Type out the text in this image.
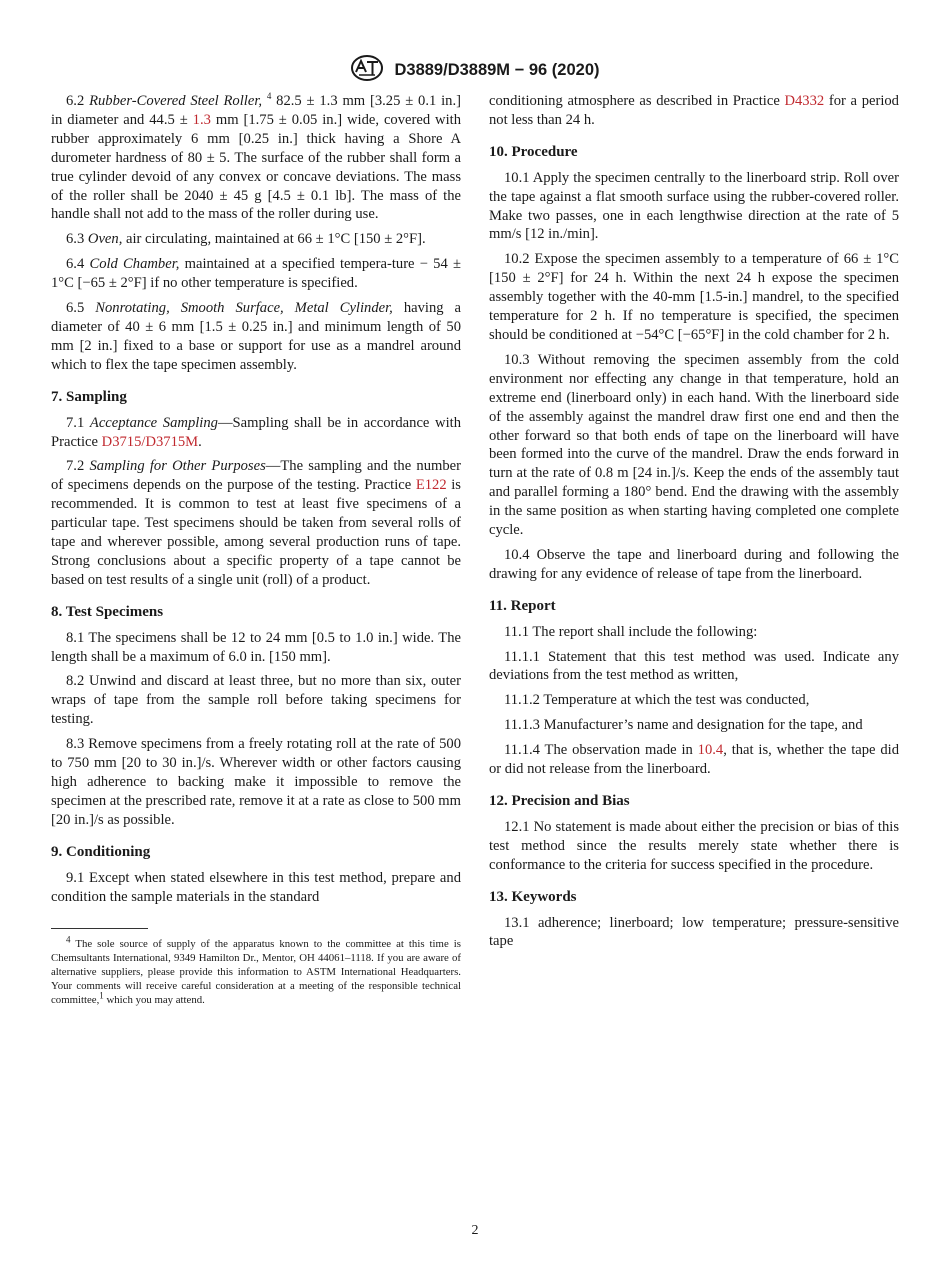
D3889/D3889M − 96 (2020)

6.2 Rubber-Covered Steel Roller, $^4$ 82.5 ± 1.3 mm [3.25 ± 0.1 in.] in diameter and 44.5 ± 1.3 mm [1.75 ± 0.05 in.] wide, covered with rubber approximately 6 mm [0.25 in.] thick having a Shore A durometer hardness of 80 ± 5. The surface of the rubber shall form a true cylinder devoid of any convex or concave deviations. The mass of the roller shall be 2040 ± 45 g [4.5 ± 0.1 lb]. The mass of the handle shall not add to the mass of the roller during use.

6.3 Oven, air circulating, maintained at 66 ± 1°C [150 ± 2°F].

6.4 Cold Chamber, maintained at a specified tempera-ture − 54 ± 1°C [−65 ± 2°F] if no other temperature is specified.

6.5 Nonrotating, Smooth Surface, Metal Cylinder, having a diameter of 40 ± 6 mm [1.5 ± 0.25 in.] and minimum length of 50 mm [2 in.] fixed to a base or support for use as a mandrel around which to flex the tape specimen assembly.

7. Sampling

7.1 Acceptance Sampling—Sampling shall be in accordance with Practice D3715/D3715M.

7.2 Sampling for Other Purposes—The sampling and the number of specimens depends on the purpose of the testing. Practice E122 is recommended. It is common to test at least five specimens of a particular tape. Test specimens should be taken from several rolls of tape and wherever possible, among several production runs of tape. Strong conclusions about a specific property of a tape cannot be based on test results of a single unit (roll) of a product.

8. Test Specimens

8.1 The specimens shall be 12 to 24 mm [0.5 to 1.0 in.] wide. The length shall be a maximum of 6.0 in. [150 mm].

8.2 Unwind and discard at least three, but no more than six, outer wraps of tape from the sample roll before taking specimens for testing.

8.3 Remove specimens from a freely rotating roll at the rate of 500 to 750 mm [20 to 30 in.]/s. Wherever width or other factors causing high adherence to backing make it impossible to remove the specimen at the prescribed rate, remove it at a rate as close to 500 mm [20 in.]/s as possible.

9. Conditioning

9.1 Except when stated elsewhere in this test method, prepare and condition the sample materials in the standard

$^4$ The sole source of supply of the apparatus known to the committee at this time is Chemsultants International, 9349 Hamilton Dr., Mentor, OH 44061–1118. If you are aware of alternative suppliers, please provide this information to ASTM International Headquarters. Your comments will receive careful consideration at a meeting of the responsible technical committee,$^1$ which you may attend.

conditioning atmosphere as described in Practice D4332 for a period not less than 24 h.

10. Procedure

10.1 Apply the specimen centrally to the linerboard strip. Roll over the tape against a flat smooth surface using the rubber-covered roller. Make two passes, one in each lengthwise direction at the rate of 5 mm/s [12 in./min].

10.2 Expose the specimen assembly to a temperature of 66 ± 1°C [150 ± 2°F] for 24 h. Within the next 24 h expose the specimen assembly together with the 40-mm [1.5-in.] mandrel, to the specified temperature for 2 h. If no temperature is specified, the specimen should be conditioned at −54°C [−65°F] in the cold chamber for 2 h.

10.3 Without removing the specimen assembly from the cold environment nor effecting any change in that temperature, hold an extreme end (linerboard only) in each hand. With the linerboard side of the assembly against the mandrel draw first one end and then the other forward so that both ends of tape on the linerboard will have been formed into the curve of the mandrel. Draw the ends forward in turn at the rate of 0.8 m [24 in.]/s. Keep the ends of the assembly taut and parallel forming a 180° bend. End the drawing with the assembly in the same position as when starting having completed one complete cycle.

10.4 Observe the tape and linerboard during and following the drawing for any evidence of release of tape from the linerboard.

11. Report

11.1 The report shall include the following:

11.1.1 Statement that this test method was used. Indicate any deviations from the test method as written,

11.1.2 Temperature at which the test was conducted,

11.1.3 Manufacturer’s name and designation for the tape, and

11.1.4 The observation made in 10.4, that is, whether the tape did or did not release from the linerboard.

12. Precision and Bias

12.1 No statement is made about either the precision or bias of this test method since the results merely state whether there is conformance to the criteria for success specified in the procedure.

13. Keywords

13.1 adherence; linerboard; low temperature; pressure-sensitive tape

2
